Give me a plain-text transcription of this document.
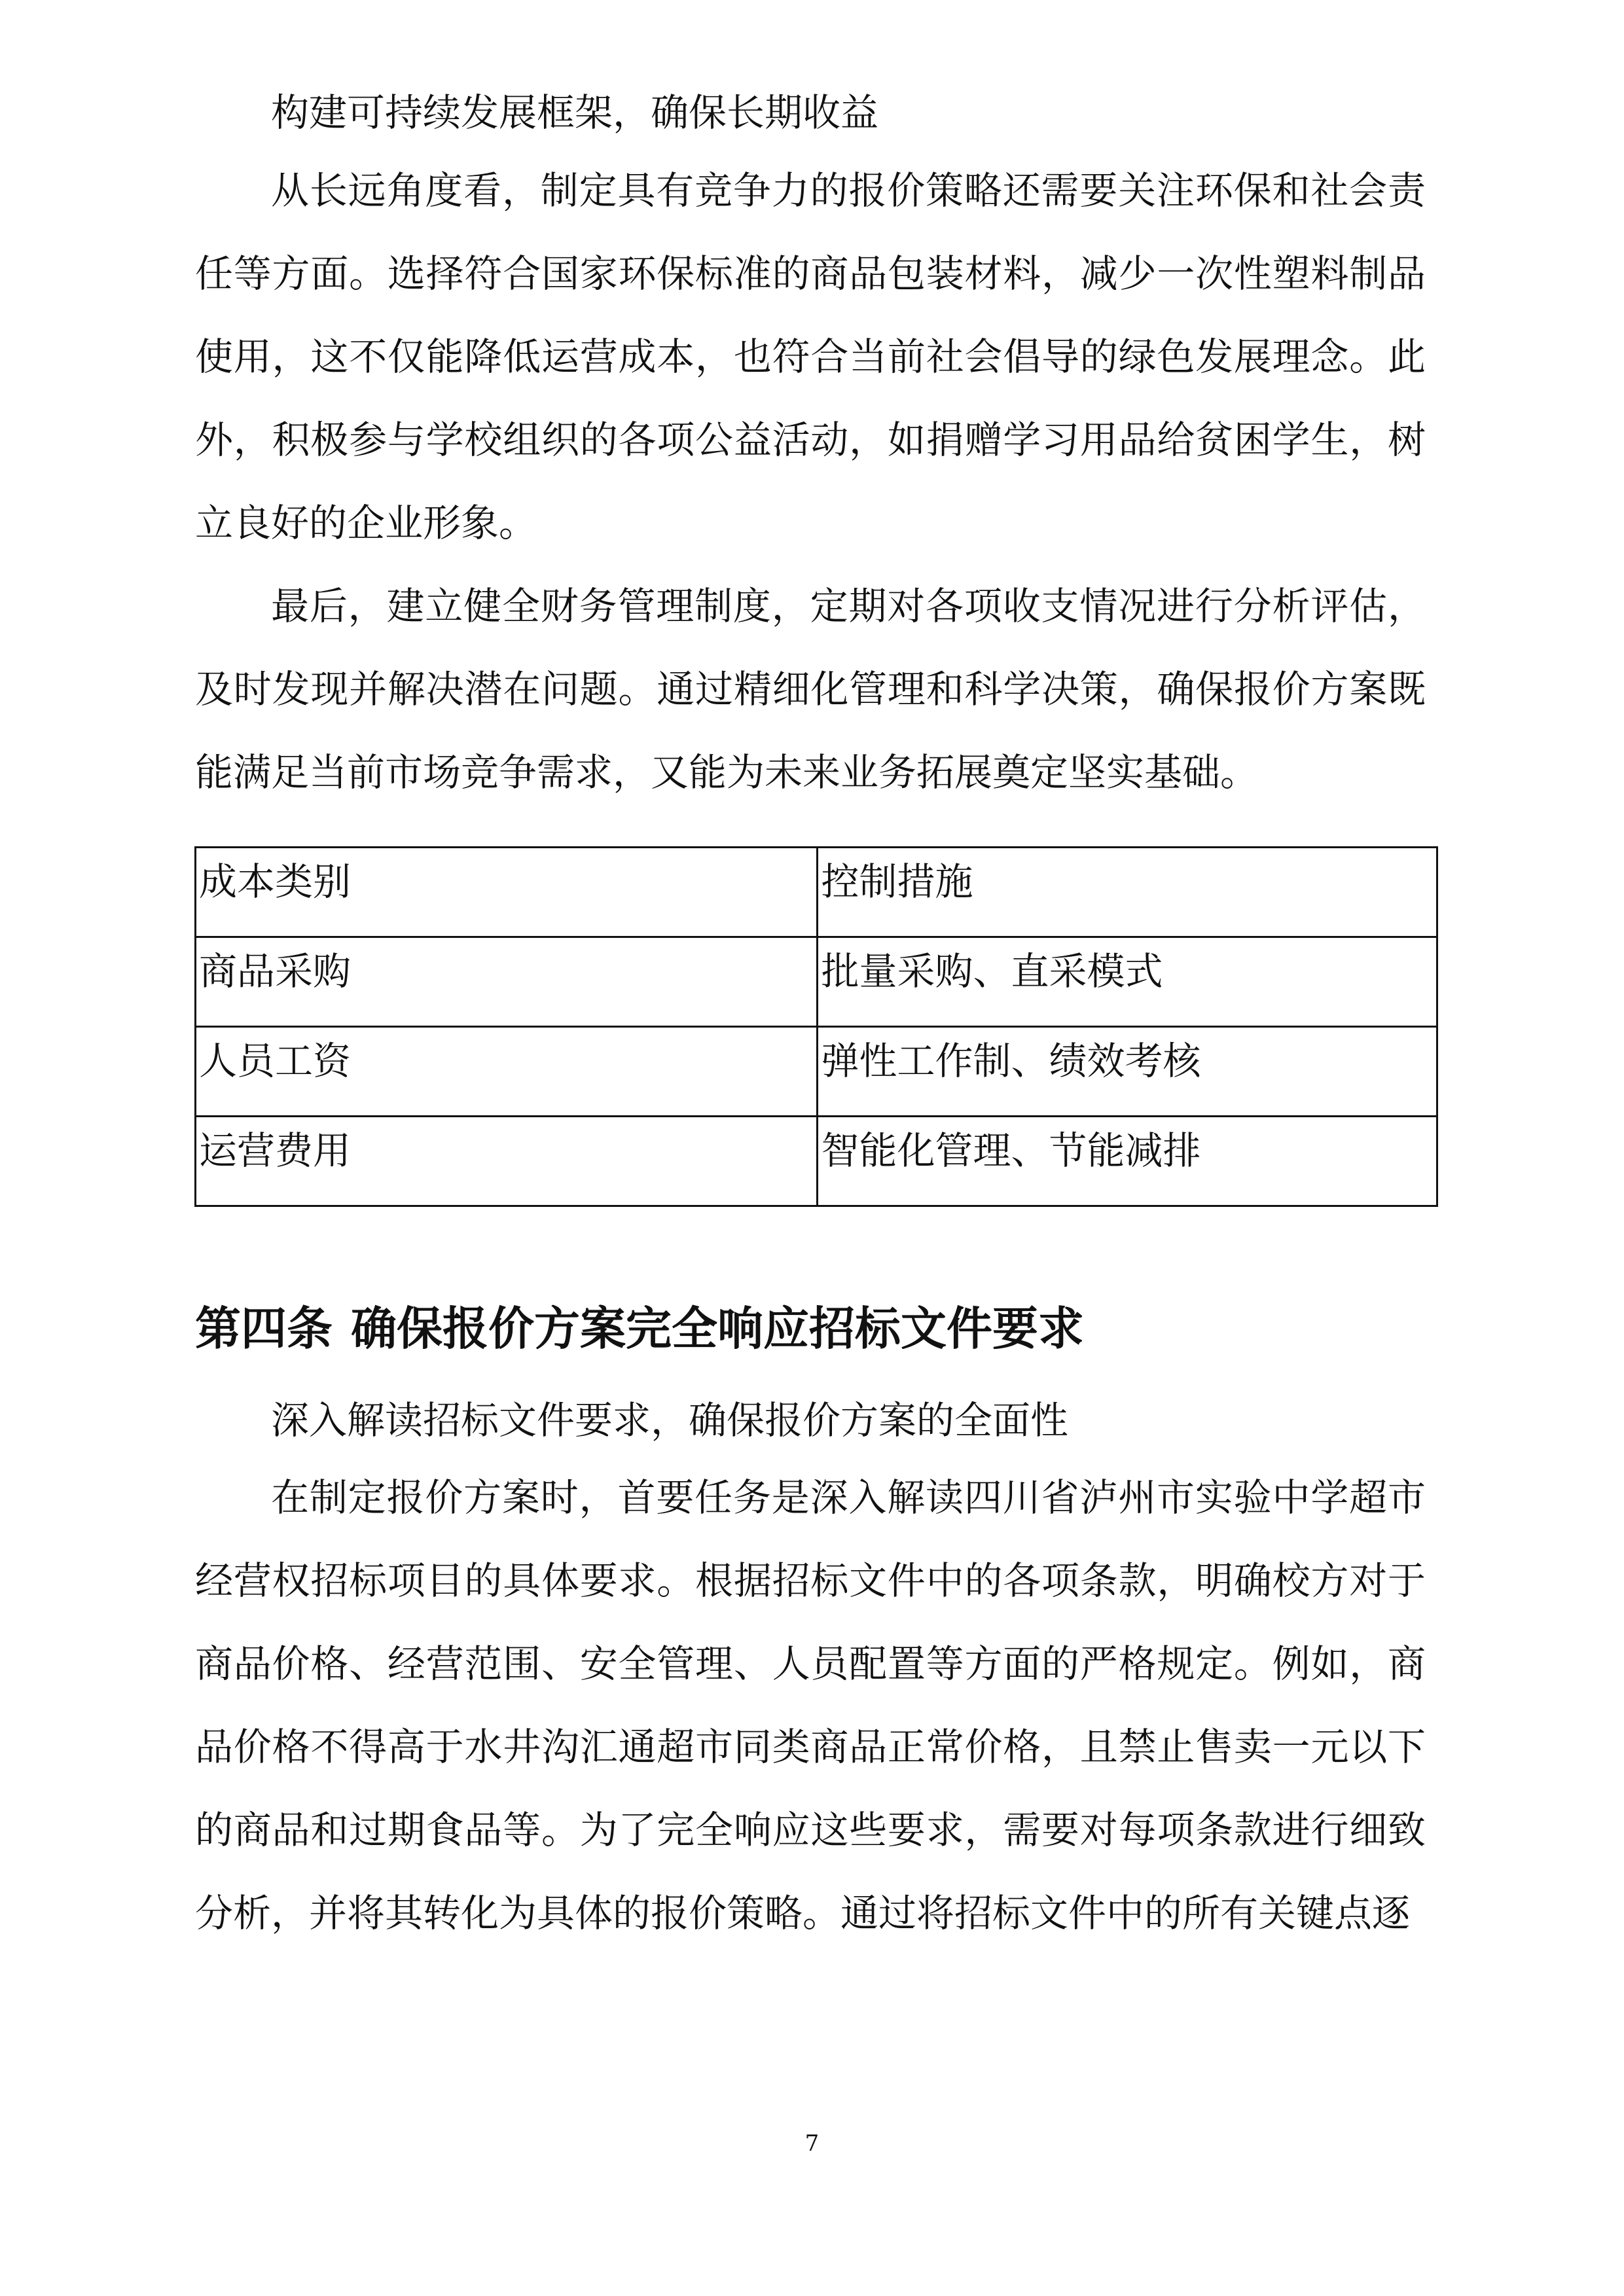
构建可持续发展框架，确保长期收益

从长远角度看，制定具有竞争力的报价策略还需要关注环保和社会责任等方面。选择符合国家环保标准的商品包装材料，减少一次性塑料制品使用，这不仅能降低运营成本，也符合当前社会倡导的绿色发展理念。此外，积极参与学校组织的各项公益活动，如捐赠学习用品给贫困学生，树立良好的企业形象。

最后，建立健全财务管理制度，定期对各项收支情况进行分析评估，及时发现并解决潜在问题。通过精细化管理和科学决策，确保报价方案既能满足当前市场竞争需求，又能为未来业务拓展奠定坚实基础。

成本类别	控制措施
商品采购	批量采购、直采模式
人员工资	弹性工作制、绩效考核
运营费用	智能化管理、节能减排
第四条 确保报价方案完全响应招标文件要求

深入解读招标文件要求，确保报价方案的全面性

在制定报价方案时，首要任务是深入解读四川省泸州市实验中学超市经营权招标项目的具体要求。根据招标文件中的各项条款，明确校方对于商品价格、经营范围、安全管理、人员配置等方面的严格规定。例如，商品价格不得高于水井沟汇通超市同类商品正常价格，且禁止售卖一元以下的商品和过期食品等。为了完全响应这些要求，需要对每项条款进行细致分析，并将其转化为具体的报价策略。通过将招标文件中的所有关键点逐

7
